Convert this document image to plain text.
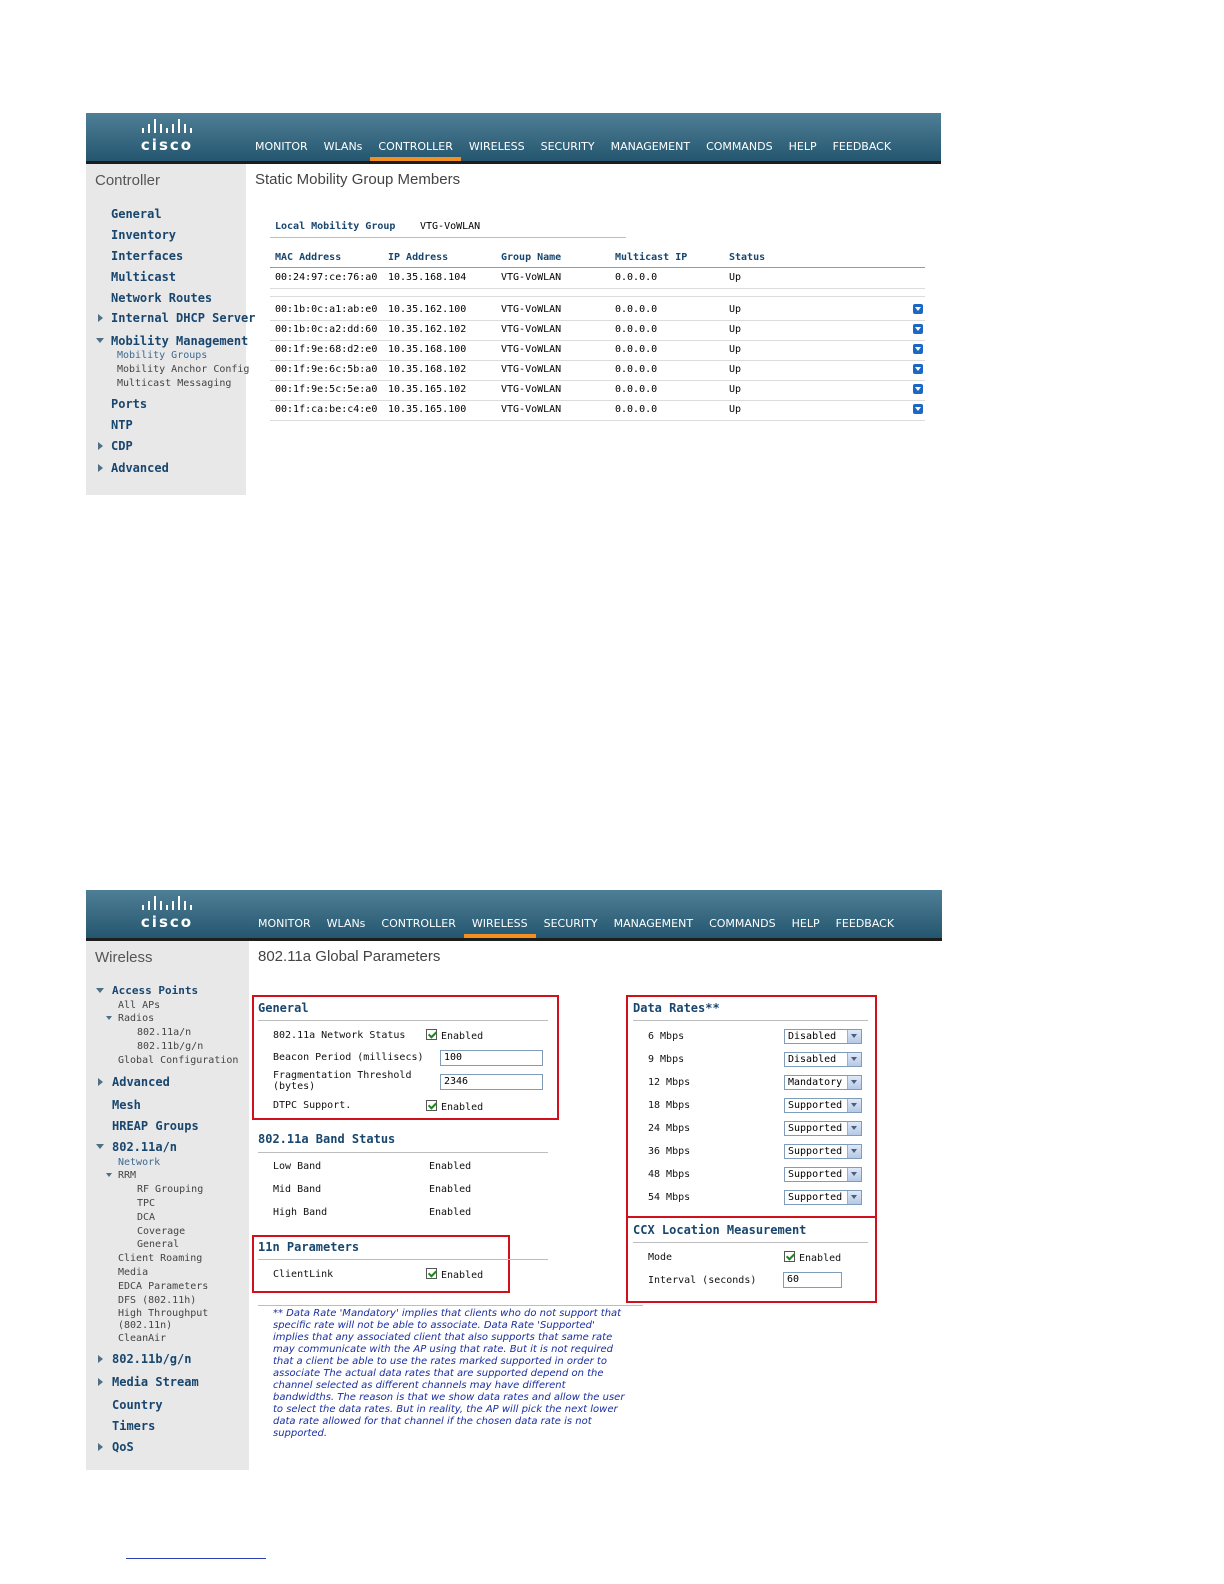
cisco	MONITOR	WLANs	CONTROLLER	WIRELESS	SECURITY	MANAGEMENT	COMMANDS	HELP	FEEDBACK
Controller
General
Inventory
Interfaces
Multicast
Network Routes
Internal DHCP Server
Mobility Management
Mobility Groups
Mobility Anchor Config
Multicast Messaging
Ports
NTP
CDP
Advanced
Static Mobility Group Members
Local Mobility Group VTG-VoWLAN
MAC Address	IP Address	Group Name	Multicast IP	Status
00:24:97:ce:76:a0 10.35.168.104	VTG-VoWLAN	0.0.0.0	Up
00:1b:0c:a1:ab:e0 10.35.162.100	VTG-VoWLAN	0.0.0.0	Up
00:1b:0c:a2:dd:60 10.35.162.102	VTG-VoWLAN	0.0.0.0	Up
00:1f:9e:68:d2:e0 10.35.168.100	VTG-VoWLAN	0.0.0.0	Up
00:1f:9e:6c:5b:a0 10.35.168.102	VTG-VoWLAN	0.0.0.0	Up
00:1f:9e:5c:5e:a0 10.35.165.102	VTG-VoWLAN	0.0.0.0	Up
00:1f:ca:be:c4:e0 10.35.165.100	VTG-VoWLAN	0.0.0.0	Up
cisco	MONITOR	WLANs	CONTROLLER	WIRELESS	SECURITY	MANAGEMENT	COMMANDS	HELP	FEEDBACK
Wireless
Access Points
All APs
Radios
802.11a/n
802.11b/g/n
Global Configuration
Advanced
Mesh
HREAP Groups
802.11a/n
Network
RRM
RF Grouping
TPC
DCA
Coverage
General
Client Roaming
Media
EDCA Parameters
DFS (802.11h)
High Throughput
(802.11n)
CleanAir
802.11b/g/n
Media Stream
Country
Timers
QoS
802.11a Global Parameters
General
802.11a Network Status	Enabled
Beacon Period (millisecs)	100
Fragmentation Threshold
(bytes)	2346
DTPC Support.	Enabled
802.11a Band Status
Low Band	Enabled
Mid Band	Enabled
High Band	Enabled
11n Parameters
ClientLink	Enabled
** Data Rate 'Mandatory' implies that clients who do not support that
specific rate will not be able to associate. Data Rate 'Supported'
implies that any associated client that also supports that same rate
may communicate with the AP using that rate. But it is not required
that a client be able to use the rates marked supported in order to
associate The actual data rates that are supported depend on the
channel selected as different channels may have different
bandwidths. The reason is that we show data rates and allow the user
to select the data rates. But in reality, the AP will pick the next lower
data rate allowed for that channel if the chosen data rate is not
supported.
Data Rates**
6 Mbps	Disabled
9 Mbps	Disabled
12 Mbps	Mandatory
18 Mbps	Supported
24 Mbps	Supported
36 Mbps	Supported
48 Mbps	Supported
54 Mbps	Supported
CCX Location Measurement
Mode	Enabled
Interval (seconds)	60
